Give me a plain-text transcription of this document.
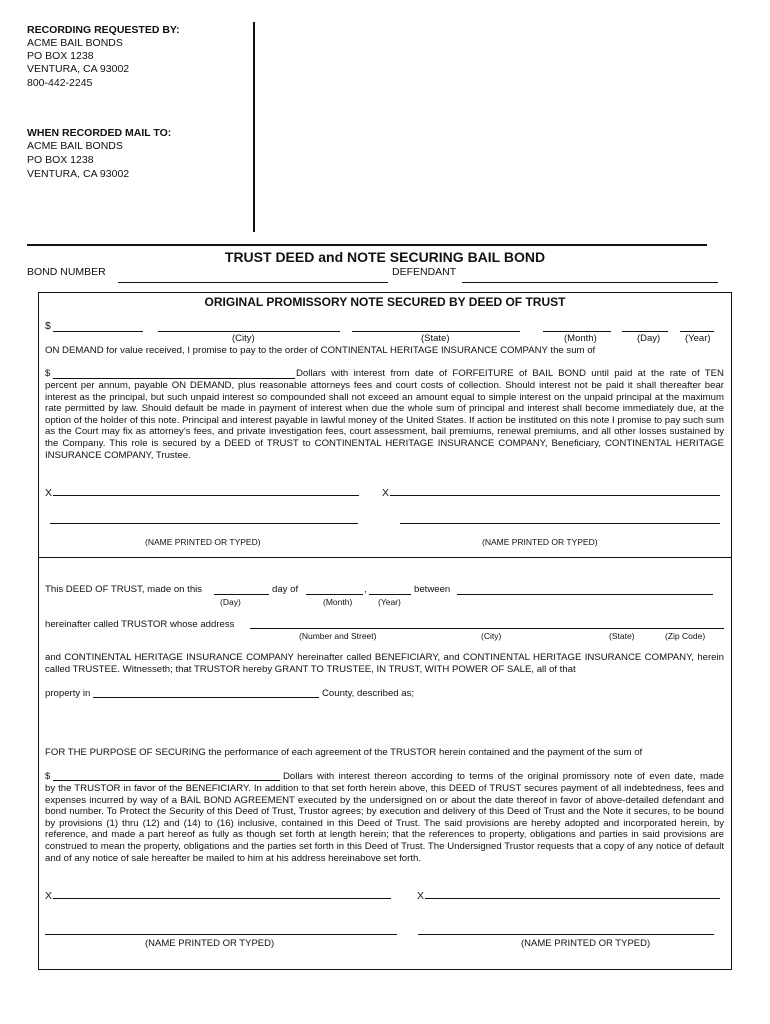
RECORDING REQUESTED BY:
ACME BAIL BONDS
PO BOX 1238
VENTURA, CA 93002
800-442-2245
WHEN RECORDED MAIL TO:
ACME BAIL BONDS
PO BOX 1238
VENTURA, CA 93002
TRUST DEED and NOTE SECURING BAIL BOND
BOND NUMBER	DEFENDANT
ORIGINAL PROMISSORY NOTE SECURED BY DEED OF TRUST
$
(City)	(State)	(Month)	(Day)	(Year)
ON DEMAND for value received, I promise to pay to the order of CONTINENTAL HERITAGE INSURANCE COMPANY the sum of
$	Dollars with interest from date of FORFEITURE of BAIL BOND until paid at the rate of TEN
percent per annum, payable ON DEMAND, plus reasonable attorneys fees and court costs of collection. Should interest not be paid it shall thereafter bear interest as the principal, but such unpaid interest so compounded shall not exceed an amount equal to simple interest on the unpaid principal at the maximum rate permitted by law. Should default be made in payment of interest when due the whole sum of principal and interest shall become immediately due, at the option of the holder of this note. Principal and interest payable in lawful money of the United States. If action be instituted on this note I promise to pay such sum as the Court may fix as attorney’s fees, and private investigation fees, court assessment, bail premiums, renewal premiums, and all other losses sustained by the Company. This role is secured by a DEED of TRUST to CONTINENTAL HERITAGE INSURANCE COMPANY, Beneficiary, CONTINENTAL HERITAGE INSURANCE COMPANY, Trustee.
X	X
(NAME PRINTED OR TYPED)	(NAME PRINTED OR TYPED)
This DEED OF TRUST, made on this	day of	,	between
(Day)	(Month)	(Year)
hereinafter called TRUSTOR whose address
(Number and Street)	(City)	(State)	(Zip Code)
and CONTINENTAL HERITAGE INSURANCE COMPANY hereinafter called BENEFICIARY, and CONTINENTAL HERITAGE INSURANCE COMPANY, herein called TRUSTEE. Witnesseth; that TRUSTOR hereby GRANT TO TRUSTEE, IN TRUST, WITH POWER OF SALE, all of that
property in	County, described as;
FOR THE PURPOSE OF SECURING the performance of each agreement of the TRUSTOR herein contained and the payment of the sum of
$	Dollars with interest thereon according to terms of the original promissory note of even date, made
by the TRUSTOR in favor of the BENEFICIARY. In addition to that set forth herein above, this DEED of TRUST secures payment of all indebtedness, fees and expenses incurred by way of a BAIL BOND AGREEMENT executed by the undersigned on or about the date thereof in favor of above-detailed defendant and bond number. To Protect the Security of this Deed of Trust, Trustor agrees; by execution and delivery of this Deed of Trust and the Note it secures, to be bound by provisions (1) thru (12) and (14) to (16) inclusive, contained in this Deed of Trust. The said provisions are hereby adopted and incorporated herein, by reference, and made a part hereof as fully as though set forth at length herein; that the references to property, obligations and parties in said provisions are construed to mean the property, obligations and the parties set forth in this Deed of Trust. The Undersigned Trustor requests that a copy of any notice of default and of any notice of sale hereafter be mailed to him at his address hereinabove set forth.
X	X
(NAME PRINTED OR TYPED)	(NAME PRINTED OR TYPED)
